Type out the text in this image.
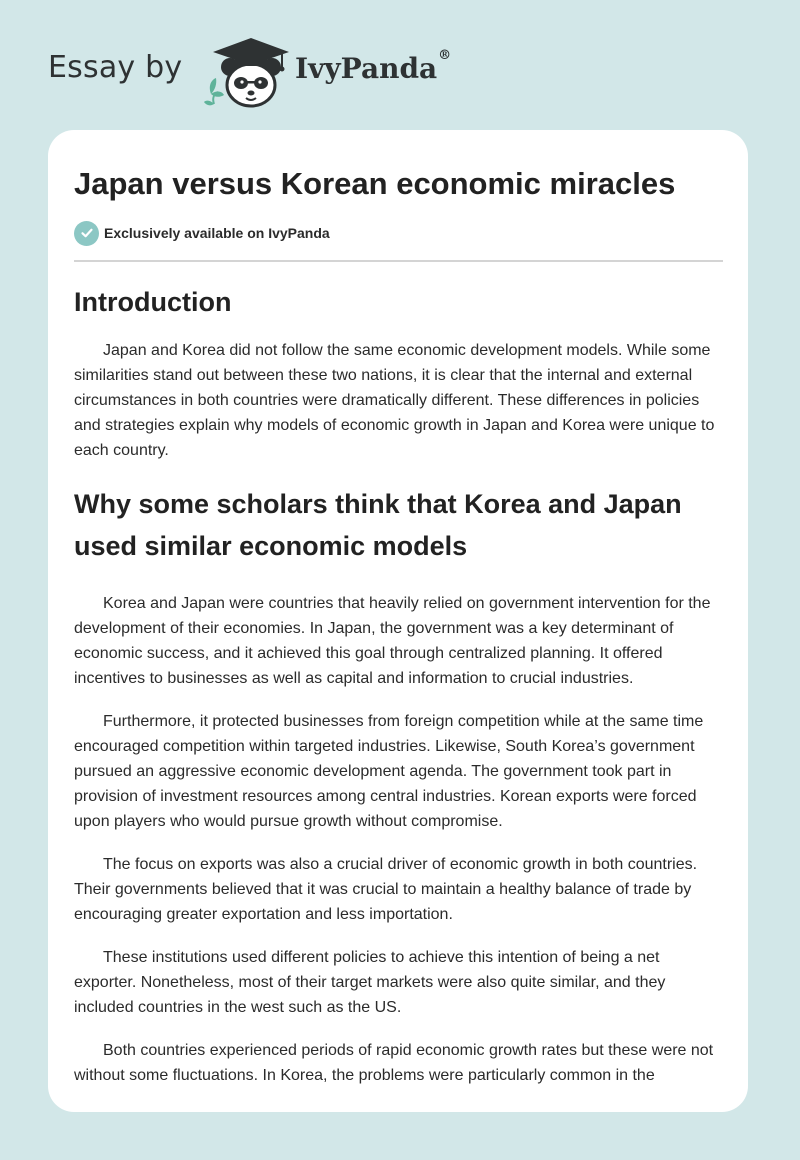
Essay by	IvyPanda®
Japan versus Korean economic miracles
Exclusively available on IvyPanda
Introduction

Japan and Korea did not follow the same economic development models. While some similarities stand out between these two nations, it is clear that the internal and external circumstances in both countries were dramatically different. These differences in policies and strategies explain why models of economic growth in Japan and Korea were unique to each country.

Why some scholars think that Korea and Japan used similar economic models

Korea and Japan were countries that heavily relied on government intervention for the development of their economies. In Japan, the government was a key determinant of economic success, and it achieved this goal through centralized planning. It offered incentives to businesses as well as capital and information to crucial industries.

Furthermore, it protected businesses from foreign competition while at the same time encouraged competition within targeted industries. Likewise, South Korea’s government pursued an aggressive economic development agenda. The government took part in provision of investment resources among central industries. Korean exports were forced upon players who would pursue growth without compromise.

The focus on exports was also a crucial driver of economic growth in both countries. Their governments believed that it was crucial to maintain a healthy balance of trade by encouraging greater exportation and less importation.

These institutions used different policies to achieve this intention of being a net exporter. Nonetheless, most of their target markets were also quite similar, and they included countries in the west such as the US.

Both countries experienced periods of rapid economic growth rates but these were not without some fluctuations. In Korea, the problems were particularly common in the
